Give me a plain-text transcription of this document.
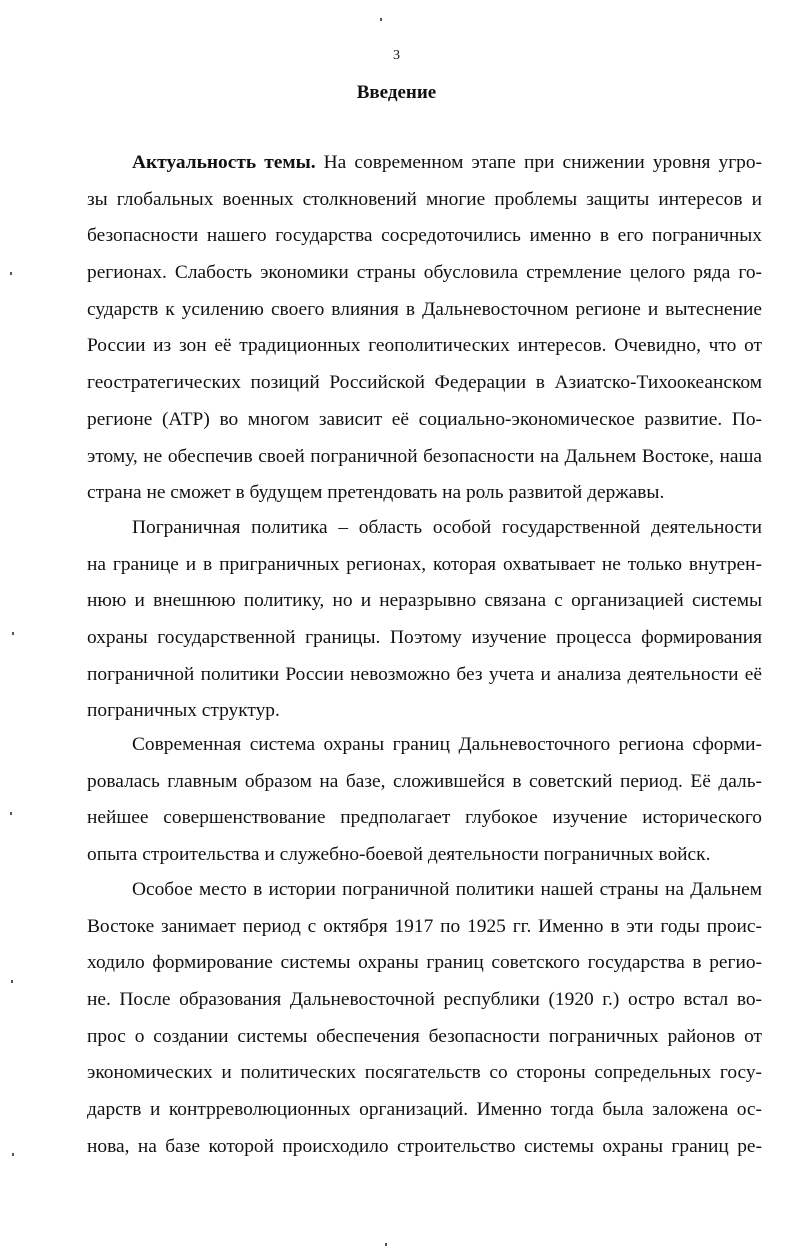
3
Введение
Актуальность темы. На современном этапе при снижении уровня угро-
зы глобальных военных столкновений многие проблемы защиты интересов и
безопасности нашего государства сосредоточились именно в его пограничных
регионах. Слабость экономики страны обусловила стремление целого ряда го-
сударств к усилению своего влияния в Дальневосточном регионе и вытеснение
России из зон её традиционных геополитических интересов. Очевидно, что от
геостратегических позиций Российской Федерации в Азиатско-Тихоокеанском
регионе (АТР) во многом зависит её социально-экономическое развитие. По-
этому, не обеспечив своей пограничной безопасности на Дальнем Востоке, наша
страна не сможет в будущем претендовать на роль развитой державы.
Пограничная политика – область особой государственной деятельности
на границе и в приграничных регионах, которая охватывает не только внутрен-
нюю и внешнюю политику, но и неразрывно связана с организацией системы
охраны государственной границы. Поэтому изучение процесса формирования
пограничной политики России невозможно без учета и анализа деятельности её
пограничных структур.
Современная система охраны границ Дальневосточного региона сформи-
ровалась главным образом на базе, сложившейся в советский период. Её даль-
нейшее совершенствование предполагает глубокое изучение исторического
опыта строительства и служебно-боевой деятельности пограничных войск.
Особое место в истории пограничной политики нашей страны на Дальнем
Востоке занимает период с октября 1917 по 1925 гг. Именно в эти годы проис-
ходило формирование системы охраны границ советского государства в регио-
не. После образования Дальневосточной республики (1920 г.) остро встал во-
прос о создании системы обеспечения безопасности пограничных районов от
экономических и политических посягательств со стороны сопредельных госу-
дарств и контрреволюционных организаций. Именно тогда была заложена ос-
нова, на базе которой происходило строительство системы охраны границ ре-
